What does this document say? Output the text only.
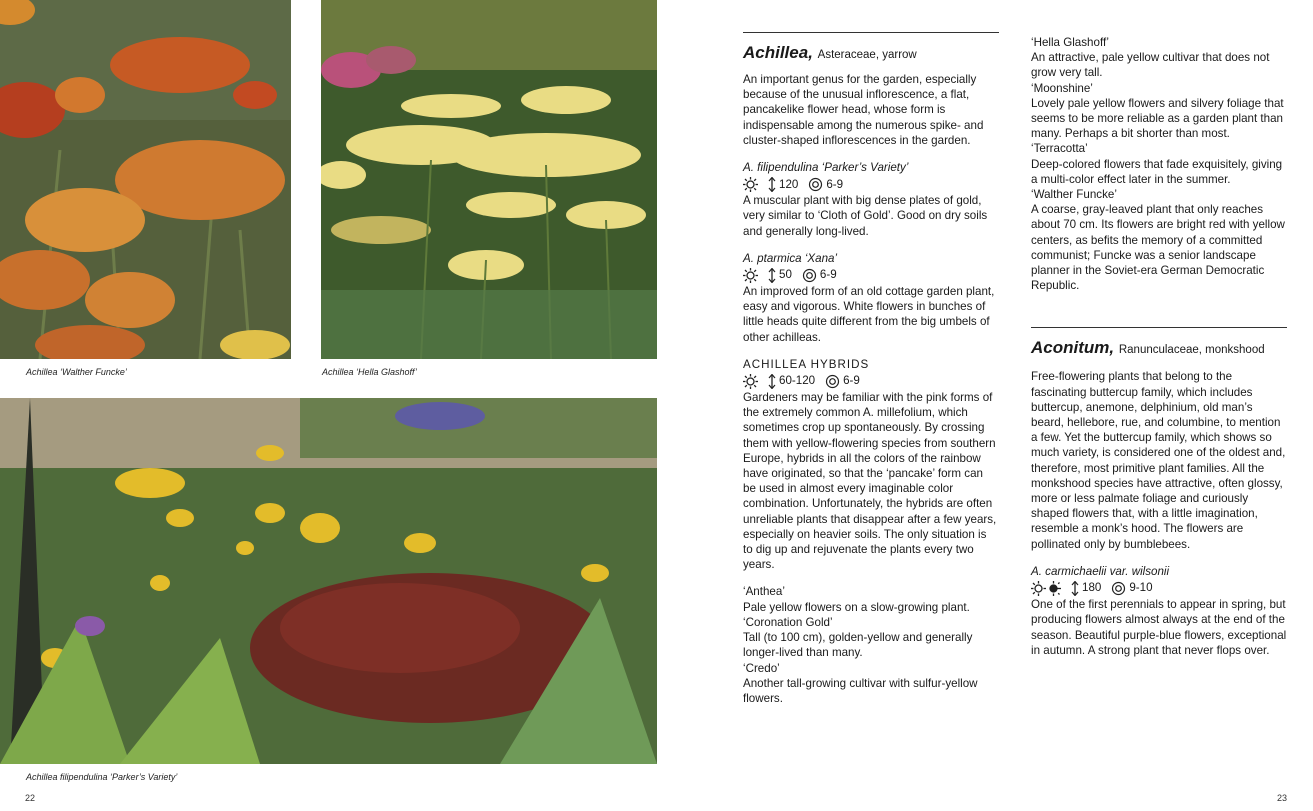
Achillea ‘Walther Funcke’	Achillea ‘Hella Glashoff’
Achillea filipendulina ‘Parker’s Variety’
22	23
Achillea, Asteraceae, yarrow

An important genus for the garden, especially because of the unusual inflorescence, a flat, pancakelike flower head, whose form is indispensable among the numerous spike- and cluster-shaped inflorescences in the garden.

A. filipendulina ‘Parker’s Variety’
120 6-9

A muscular plant with big dense plates of gold, very similar to ‘Cloth of Gold’. Good on dry soils and generally long-lived.

A. ptarmica ‘Xana’
50 6-9

An improved form of an old cottage garden plant, easy and vigorous. White flowers in bunches of little heads quite different from the big umbels of other achilleas.

ACHILLEA HYBRIDS
60-120 6-9

Gardeners may be familiar with the pink forms of the extremely common A. millefolium, which sometimes crop up spontaneously. By crossing them with yellow-flowering species from southern Europe, hybrids in all the colors of the rainbow have originated, so that the ‘pancake’ form can be used in almost every imaginable color combination. Unfortunately, the hybrids are often unreliable plants that disappear after a few years, especially on heavier soils. The only situation is to dig up and rejuvenate the plants every two years.

‘Anthea’
Pale yellow flowers on a slow-growing plant.
‘Coronation Gold’
Tall (to 100 cm), golden-yellow and generally longer-lived than many.
‘Credo’
Another tall-growing cultivar with sulfur-yellow flowers.
‘Hella Glashoff’
An attractive, pale yellow cultivar that does not grow very tall.
‘Moonshine’
Lovely pale yellow flowers and silvery foliage that seems to be more reliable as a garden plant than many. Perhaps a bit shorter than most.
‘Terracotta’
Deep-colored flowers that fade exquisitely, giving a multi-color effect later in the summer.
‘Walther Funcke’
A coarse, gray-leaved plant that only reaches about 70 cm. Its flowers are bright red with yellow centers, as befits the memory of a committed communist; Funcke was a senior landscape planner in the Soviet-era German Democratic Republic.
Aconitum, Ranunculaceae, monkshood

Free-flowering plants that belong to the fascinating buttercup family, which includes buttercup, anemone, delphinium, old man’s beard, hellebore, rue, and columbine, to mention a few. Yet the buttercup family, which shows so much variety, is considered one of the oldest and, therefore, most primitive plant families. All the monkshood species have attractive, often glossy, more or less palmate foliage and curiously shaped flowers that, with a little imagination, resemble a monk’s hood. The flowers are pollinated only by bumblebees.

A. carmichaelii var. wilsonii
180 9-10

One of the first perennials to appear in spring, but producing flowers almost always at the end of the season. Beautiful purple-blue flowers, exceptional in autumn. A strong plant that never flops over.
